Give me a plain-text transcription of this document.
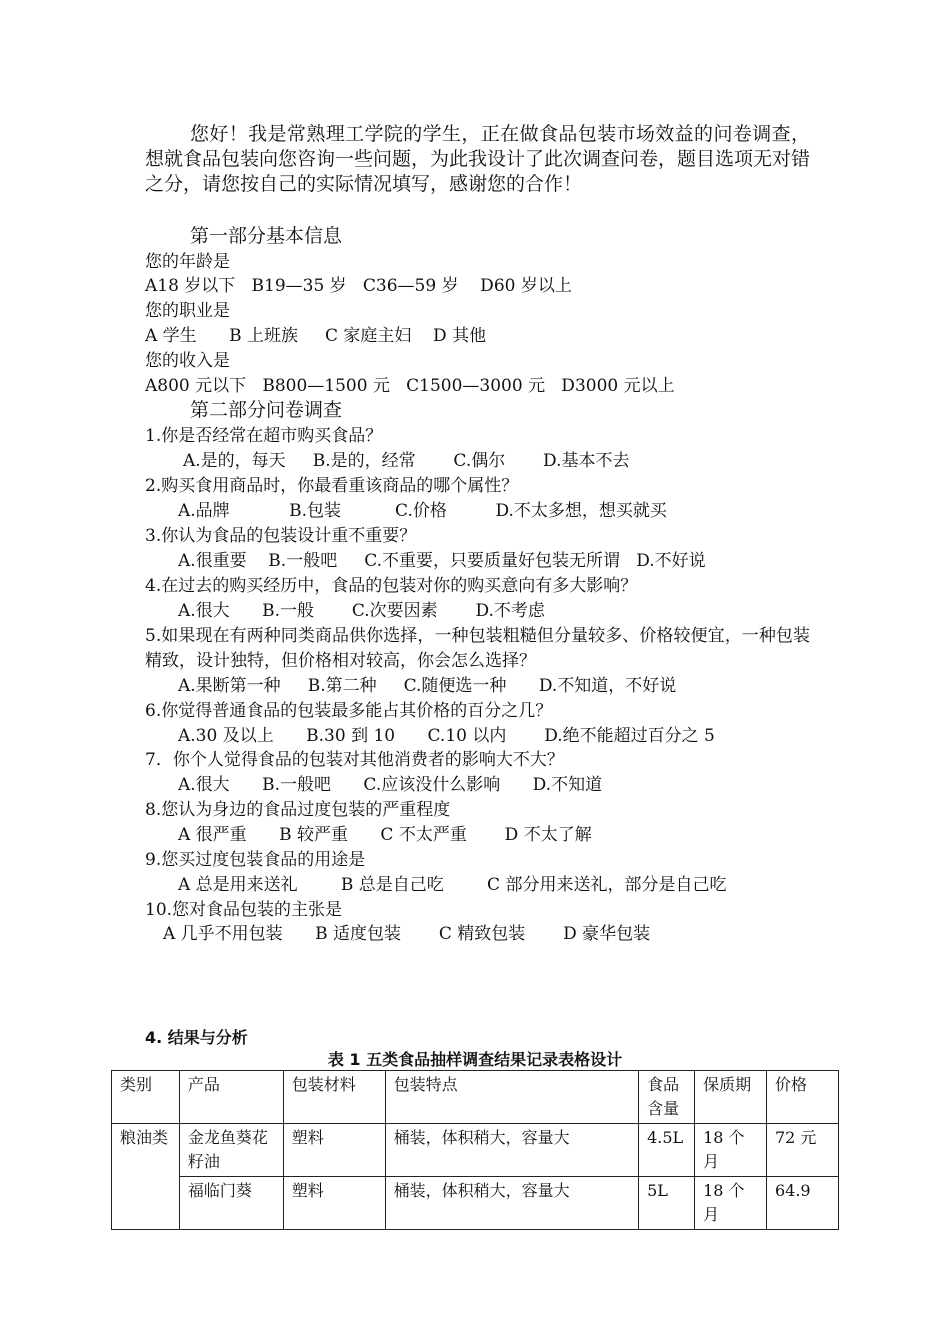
您好！我是常熟理工学院的学生，正在做食品包装市场效益的问卷调查，想就食品包装向您咨询一些问题，为此我设计了此次调查问卷，题目选项无对错之分，请您按自己的实际情况填写，感谢您的合作！
第一部分基本信息
您的年龄是
A18 岁以下   B19—35 岁   C36—59 岁    D60 岁以上
您的职业是
A 学生      B 上班族     C 家庭主妇    D 其他
您的收入是
A800 元以下   B800—1500 元   C1500—3000 元   D3000 元以上
第二部分问卷调查
1.你是否经常在超市购买食品？
A.是的，每天     B.是的，经常       C.偶尔       D.基本不去
2.购买食用商品时，你最看重该商品的哪个属性？
A.品牌           B.包装          C.价格         D.不太多想，想买就买
3.你认为食品的包装设计重不重要？
A.很重要    B.一般吧     C.不重要，只要质量好包装无所谓   D.不好说
4.在过去的购买经历中，食品的包装对你的购买意向有多大影响？
A.很大      B.一般       C.次要因素       D.不考虑
5.如果现在有两种同类商品供你选择，一种包装粗糙但分量较多、价格较便宜，一种包装精致，设计独特，但价格相对较高，你会怎么选择？
A.果断第一种     B.第二种     C.随便选一种      D.不知道，不好说
6.你觉得普通食品的包装最多能占其价格的百分之几？
A.30 及以上      B.30 到 10      C.10 以内       D.绝不能超过百分之 5
7．你个人觉得食品的包装对其他消费者的影响大不大？
A.很大      B.一般吧      C.应该没什么影响      D.不知道
8.您认为身边的食品过度包装的严重程度
A 很严重      B 较严重      C 不太严重       D 不太了解
9.您买过度包装食品的用途是
A 总是用来送礼        B 总是自己吃        C 部分用来送礼，部分是自己吃
10.您对食品包装的主张是
A 几乎不用包装      B 适度包装       C 精致包装       D 豪华包装
4. 结果与分析
表 1 五类食品抽样调查结果记录表格设计
类别	产品	包装材料	包装特点	食品含量	保质期	价格
粮油类	金龙鱼葵花籽油	塑料	桶装，体积稍大，容量大	4.5L	18 个月	72 元
	福临门葵	塑料	桶装，体积稍大，容量大	5L	18 个月	64.9
